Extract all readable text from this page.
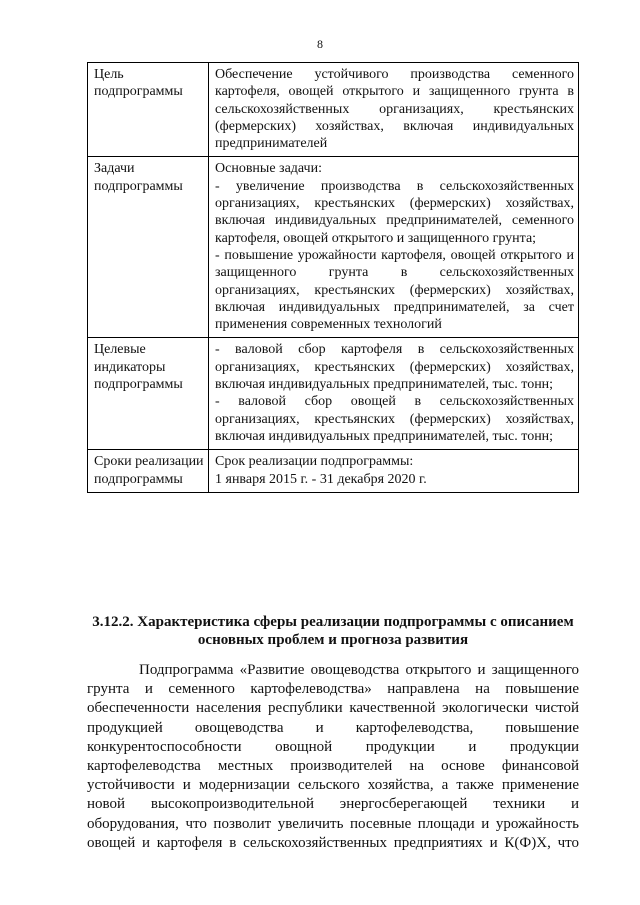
8
Цель подпрограммы	Обеспечение устойчивого производства семенного картофеля, овощей открытого и защищенного грунта в сельскохозяйственных организациях, крестьянских (фермерских) хозяйствах, включая индивидуальных предпринимателей

Задачи подпрограммы	Основные задачи:
- увеличение производства в сельскохозяйственных организациях, крестьянских (фермерских) хозяйствах, включая индивидуальных предпринимателей, семенного картофеля, овощей открытого и защищенного грунта;
- повышение урожайности картофеля, овощей открытого и защищенного грунта в сельскохозяйственных организациях, крестьянских (фермерских) хозяйствах, включая индивидуальных предпринимателей, за счет применения современных технологий

Целевые индикаторы подпрограммы	- валовой сбор картофеля в сельскохозяйственных организациях, крестьянских (фермерских) хозяйствах, включая индивидуальных предпринимателей, тыс. тонн;
- валовой сбор овощей в сельскохозяйственных организациях, крестьянских (фермерских) хозяйствах, включая индивидуальных предпринимателей, тыс. тонн;

Сроки реализации подпрограммы	Срок реализации подпрограммы:
1 января 2015 г. - 31 декабря 2020 г.
3.12.2. Характеристика сферы реализации подпрограммы с описанием основных проблем и прогноза развития
Подпрограмма «Развитие овощеводства открытого и защищенного
грунта и семенного картофелеводства» направлена на повышение
обеспеченности населения республики качественной экологически чистой
продукцией овощеводства и картофелеводства, повышение
конкурентоспособности овощной продукции и продукции
картофелеводства местных производителей на основе финансовой
устойчивости и модернизации сельского хозяйства, а также применение
новой высокопроизводительной энергосберегающей техники и
оборудования, что позволит увеличить посевные площади и урожайность
овощей и картофеля в сельскохозяйственных предприятиях и К(Ф)Х, что
